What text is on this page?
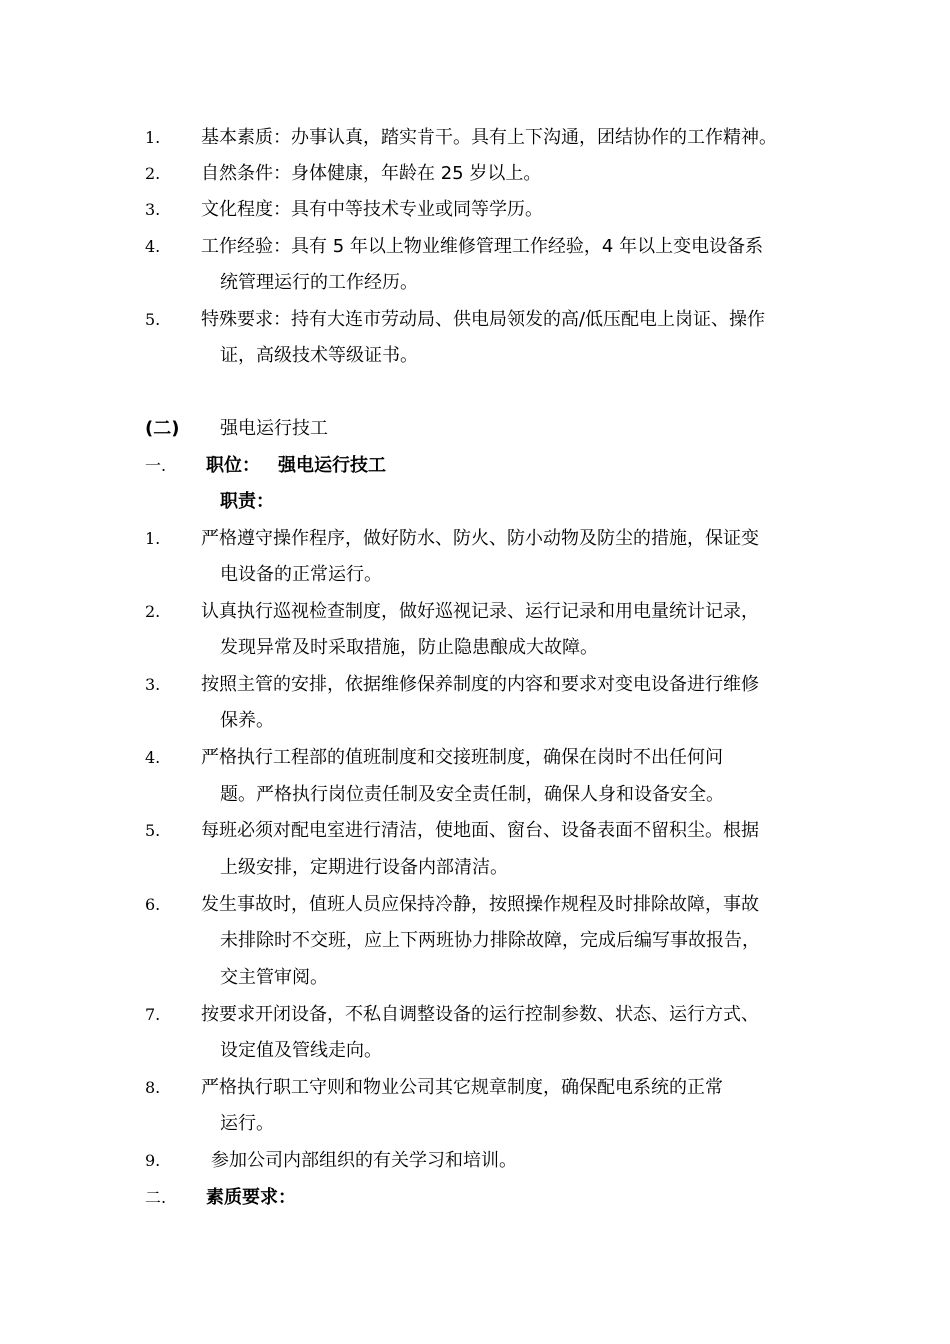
1. 基本素质：办事认真，踏实肯干。具有上下沟通，团结协作的工作精神。
2. 自然条件：身体健康，年龄在 25 岁以上。
3. 文化程度：具有中等技术专业或同等学历。
4. 工作经验：具有 5 年以上物业维修管理工作经验，4 年以上变电设备系
统管理运行的工作经历。
5. 特殊要求：持有大连市劳动局、供电局领发的高/低压配电上岗证、操作
证，高级技术等级证书。
(二) 强电运行技工
一. 职位： 强电运行技工
职责：
1. 严格遵守操作程序，做好防水、防火、防小动物及防尘的措施，保证变
电设备的正常运行。
2. 认真执行巡视检查制度，做好巡视记录、运行记录和用电量统计记录，
发现异常及时采取措施，防止隐患酿成大故障。
3. 按照主管的安排，依据维修保养制度的内容和要求对变电设备进行维修
保养。
4. 严格执行工程部的值班制度和交接班制度，确保在岗时不出任何问
题。严格执行岗位责任制及安全责任制，确保人身和设备安全。
5. 每班必须对配电室进行清洁，使地面、窗台、设备表面不留积尘。根据
上级安排，定期进行设备内部清洁。
6. 发生事故时，值班人员应保持冷静，按照操作规程及时排除故障，事故
未排除时不交班，应上下两班协力排除故障，完成后编写事故报告，
交主管审阅。
7. 按要求开闭设备，不私自调整设备的运行控制参数、状态、运行方式、
设定值及管线走向。
8. 严格执行职工守则和物业公司其它规章制度，确保配电系统的正常
运行。
9.	参加公司内部组织的有关学习和培训。
二. 素质要求：
